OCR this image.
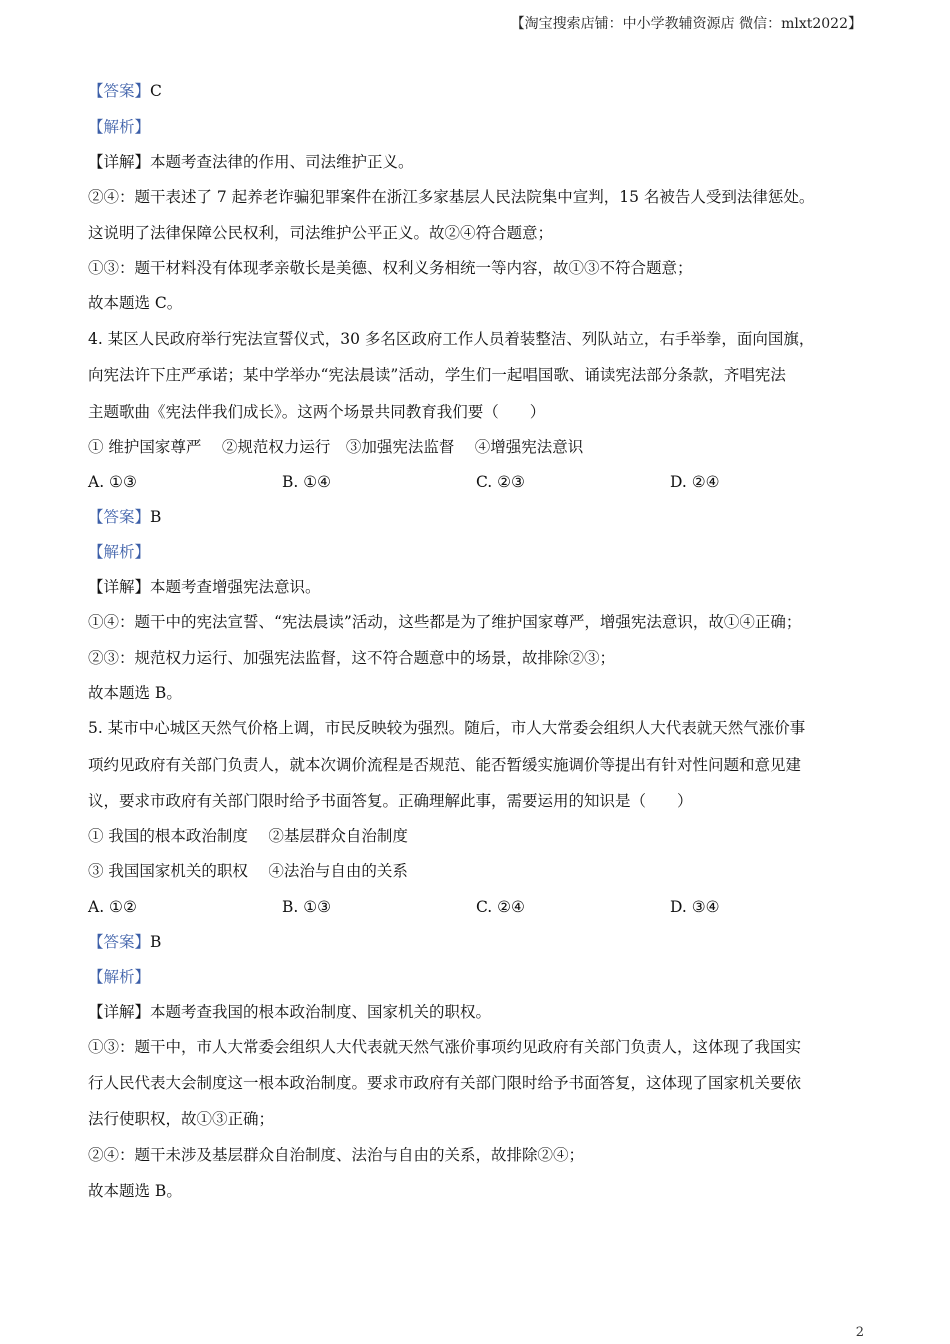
【淘宝搜索店铺：中小学教辅资源店 微信：mlxt2022】
【答案】C
【解析】
【详解】本题考查法律的作用、司法维护正义。
②④：题干表述了 7 起养老诈骗犯罪案件在浙江多家基层人民法院集中宣判，15 名被告人受到法律惩处。
这说明了法律保障公民权利，司法维护公平正义。故②④符合题意；
①③：题干材料没有体现孝亲敬长是美德、权利义务相统一等内容，故①③不符合题意；
故本题选 C。
4. 某区人民政府举行宪法宣誓仪式，30 多名区政府工作人员着装整洁、列队站立，右手举拳，面向国旗，
向宪法许下庄严承诺；某中学举办“宪法晨读”活动，学生们一起唱国歌、诵读宪法部分条款，齐唱宪法
主题歌曲《宪法伴我们成长》。这两个场景共同教育我们要（　　）
① 维护国家尊严　 ②规范权力运行　③加强宪法监督　 ④增强宪法意识
A. ①③	B. ①④	C. ②③	D. ②④
【答案】B
【解析】
【详解】本题考查增强宪法意识。
①④：题干中的宪法宣誓、“宪法晨读”活动，这些都是为了维护国家尊严，增强宪法意识，故①④正确；
②③：规范权力运行、加强宪法监督，这不符合题意中的场景，故排除②③；
故本题选 B。
5. 某市中心城区天然气价格上调，市民反映较为强烈。随后，市人大常委会组织人大代表就天然气涨价事
项约见政府有关部门负责人，就本次调价流程是否规范、能否暂缓实施调价等提出有针对性问题和意见建
议，要求市政府有关部门限时给予书面答复。正确理解此事，需要运用的知识是（　　）
① 我国的根本政治制度　 ②基层群众自治制度
③ 我国国家机关的职权　 ④法治与自由的关系
A. ①②	B. ①③	C. ②④	D. ③④
【答案】B
【解析】
【详解】本题考查我国的根本政治制度、国家机关的职权。
①③：题干中，市人大常委会组织人大代表就天然气涨价事项约见政府有关部门负责人，这体现了我国实
行人民代表大会制度这一根本政治制度。要求市政府有关部门限时给予书面答复，这体现了国家机关要依
法行使职权，故①③正确；
②④：题干未涉及基层群众自治制度、法治与自由的关系，故排除②④；
故本题选 B。
2
